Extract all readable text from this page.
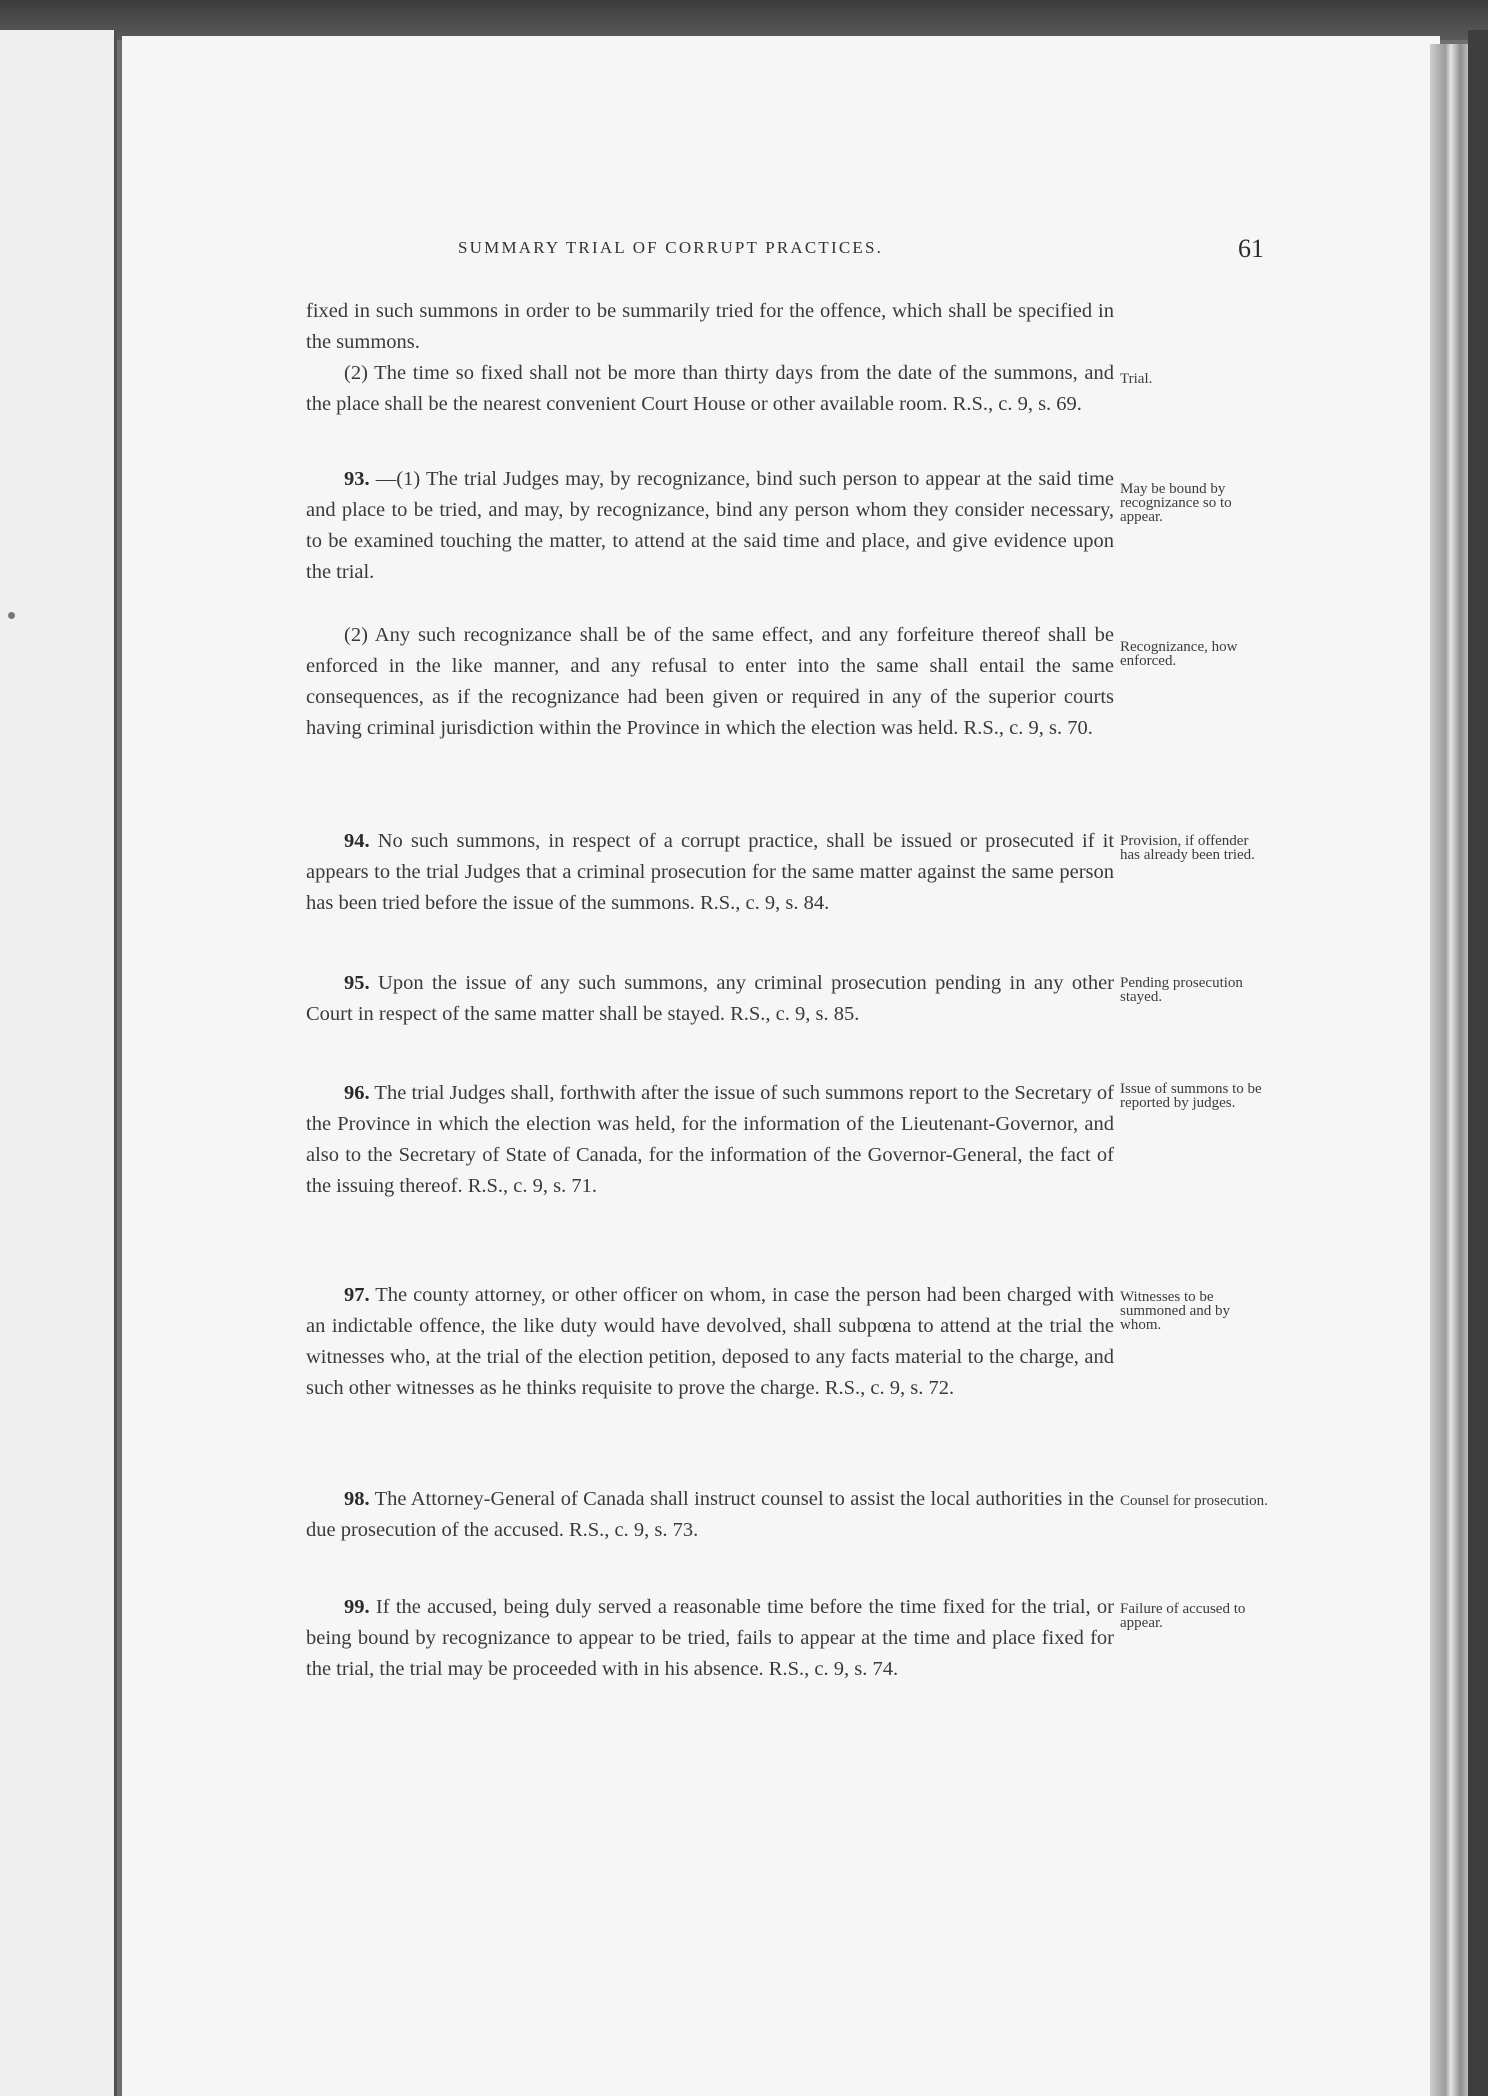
SUMMARY TRIAL OF CORRUPT PRACTICES.	61
fixed in such summons in order to be summarily tried for the offence, which shall be specified in the summons.
(2) The time so fixed shall not be more than thirty days from the date of the summons, and the place shall be the nearest convenient Court House or other available room. R.S., c. 9, s. 69.
93. —(1) The trial Judges may, by recognizance, bind such person to appear at the said time and place to be tried, and may, by recognizance, bind any person whom they consider necessary, to be examined touching the matter, to attend at the said time and place, and give evidence upon the trial.
(2) Any such recognizance shall be of the same effect, and any forfeiture thereof shall be enforced in the like manner, and any refusal to enter into the same shall entail the same consequences, as if the recognizance had been given or required in any of the superior courts having criminal jurisdiction within the Province in which the election was held. R.S., c. 9, s. 70.
94. No such summons, in respect of a corrupt practice, shall be issued or prosecuted if it appears to the trial Judges that a criminal prosecution for the same matter against the same person has been tried before the issue of the summons. R.S., c. 9, s. 84.
95. Upon the issue of any such summons, any criminal prosecution pending in any other Court in respect of the same matter shall be stayed. R.S., c. 9, s. 85.
96. The trial Judges shall, forthwith after the issue of such summons report to the Secretary of the Province in which the election was held, for the information of the Lieutenant-Governor, and also to the Secretary of State of Canada, for the information of the Governor-General, the fact of the issuing thereof. R.S., c. 9, s. 71.
97. The county attorney, or other officer on whom, in case the person had been charged with an indictable offence, the like duty would have devolved, shall subpœna to attend at the trial the witnesses who, at the trial of the election petition, deposed to any facts material to the charge, and such other witnesses as he thinks requisite to prove the charge. R.S., c. 9, s. 72.
98. The Attorney-General of Canada shall instruct counsel to assist the local authorities in the due prosecution of the accused. R.S., c. 9, s. 73.
99. If the accused, being duly served a reasonable time before the time fixed for the trial, or being bound by recognizance to appear to be tried, fails to appear at the time and place fixed for the trial, the trial may be proceeded with in his absence. R.S., c. 9, s. 74.
Trial.
May be bound by recognizance so to appear.
Recognizance, how enforced.
Provision, if offender has already been tried.
Pending prosecution stayed.
Issue of summons to be reported by judges.
Witnesses to be summoned and by whom.
Counsel for prosecution.
Failure of accused to appear.
